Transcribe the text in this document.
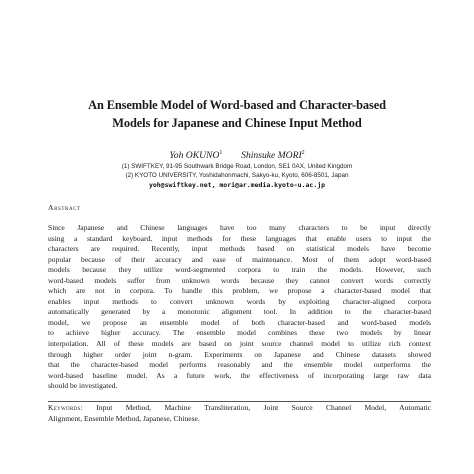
An Ensemble Model of Word-based and Character-based
Models for Japanese and Chinese Input Method
Yoh OKUNO$^1$ Shinsuke MORI$^2$
(1) SWIFTKEY, 91-95 Southwark Bridge Road, London, SE1 0AX, United Kingdom
(2) KYOTO UNIVERSITY, Yoshidahonmachi, Sakyo-ku, Kyoto, 606-8501, Japan
yoh@swiftkey.net, mori@ar.media.kyoto-u.ac.jp
Abstract
Since Japanese and Chinese languages have too many characters to be input directly
using a standard keyboard, input methods for these languages that enable users to input the
characters are required. Recently, input methods based on statistical models have become
popular because of their accuracy and ease of maintenance. Most of them adopt word-based
models because they utilize word-segmented corpora to train the models. However, such
word-based models suffer from unknown words because they cannot convert words correctly
which are not in corpora. To handle this problem, we propose a character-based model that
enables input methods to convert unknown words by exploiting character-aligned corpora
automatically generated by a monotonic alignment tool. In addition to the character-based
model, we propose an ensemble model of both character-based and word-based models
to achieve higher accuracy. The ensemble model combines these two models by linear
interpolation. All of these models are based on joint source channel model to utilize rich context
through higher order joint n-gram. Experiments on Japanese and Chinese datasets showed
that the character-based model performs reasonably and the ensemble model outperforms the
word-based baseline model. As a future work, the effectiveness of incorporating large raw data
should be investigated.
Keywords: Input Method, Machine Transliteration, Joint Source Channel Model, Automatic
Alignment, Ensemble Method, Japanese, Chinese.
